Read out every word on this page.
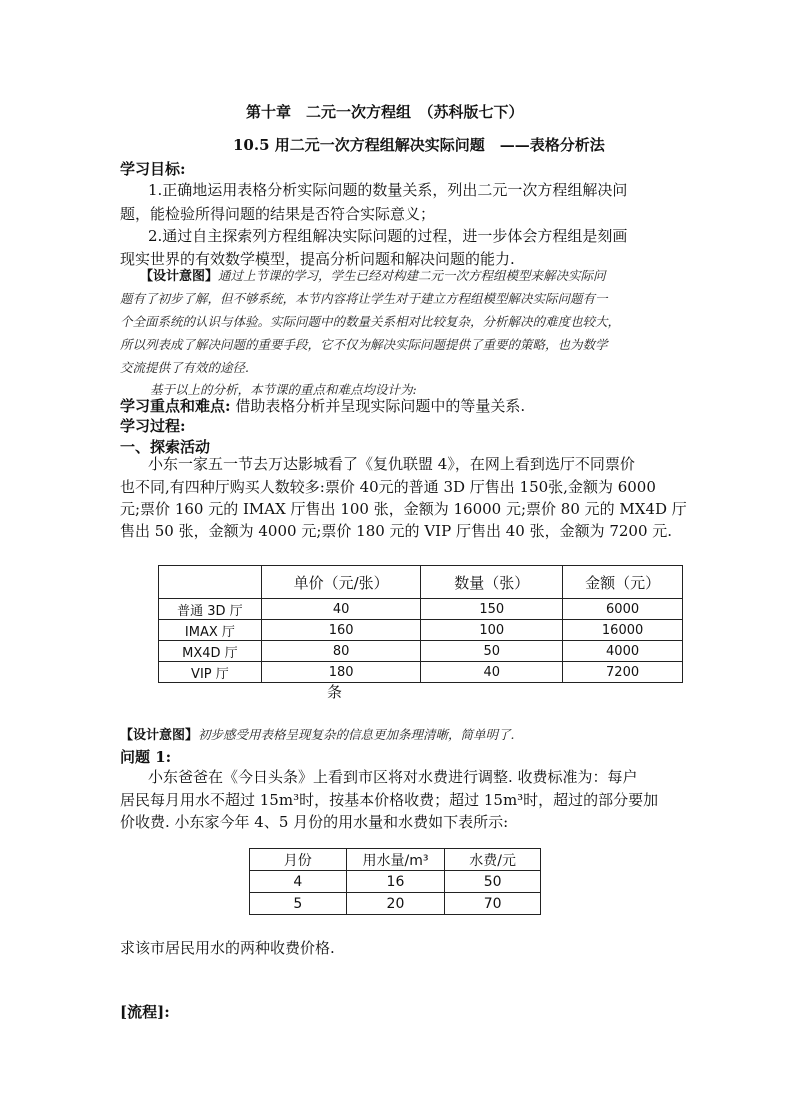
第十章　二元一次方程组　（苏科版七下）
10.5 用二元一次方程组解决实际问题　——表格分析法
学习目标:
1.正确地运用表格分析实际问题的数量关系，列出二元一次方程组解决问
题，能检验所得问题的结果是否符合实际意义；
2.通过自主探索列方程组解决实际问题的过程，进一步体会方程组是刻画
现实世界的有效数学模型，提高分析问题和解决问题的能力.
【设计意图】通过上节课的学习，学生已经对构建二元一次方程组模型来解决实际问
题有了初步了解，但不够系统，本节内容将让学生对于建立方程组模型解决实际问题有一
个全面系统的认识与体验。实际问题中的数量关系相对比较复杂，分析解决的难度也较大，
所以列表成了解决问题的重要手段，它不仅为解决实际问题提供了重要的策略，也为数学
交流提供了有效的途径.
基于以上的分析，本节课的重点和难点均设计为:
学习重点和难点: 借助表格分析并呈现实际问题中的等量关系.
学习过程:
一、探索活动
小东一家五一节去万达影城看了《复仇联盟 4》，在网上看到选厅不同票价
也不同,有四种厅购买人数较多:票价 40元的普通 3D 厅售出 150张,金额为 6000
元;票价 160 元的 IMAX 厅售出 100 张，金额为 16000 元;票价 80 元的 MX4D 厅
售出 50 张，金额为 4000 元;票价 180 元的 VIP 厅售出 40 张，金额为 7200 元.
	单价（元/张）	数量（张）	金额（元）
普通 3D 厅	40	150	6000
IMAX 厅	160	100	16000
MX4D 厅	80	50	4000
VIP 厅	180	40	7200
条
【设计意图】初步感受用表格呈现复杂的信息更加条理清晰，简单明了.
问题 1:
小东爸爸在《今日头条》上看到市区将对水费进行调整. 收费标准为：每户
居民每月用水不超过 15m³时，按基本价格收费；超过 15m³时，超过的部分要加
价收费. 小东家今年 4、5 月份的用水量和水费如下表所示:
月份	用水量/m³	水费/元
4	16	50
5	20	70
求该市居民用水的两种收费价格.
[流程]:
